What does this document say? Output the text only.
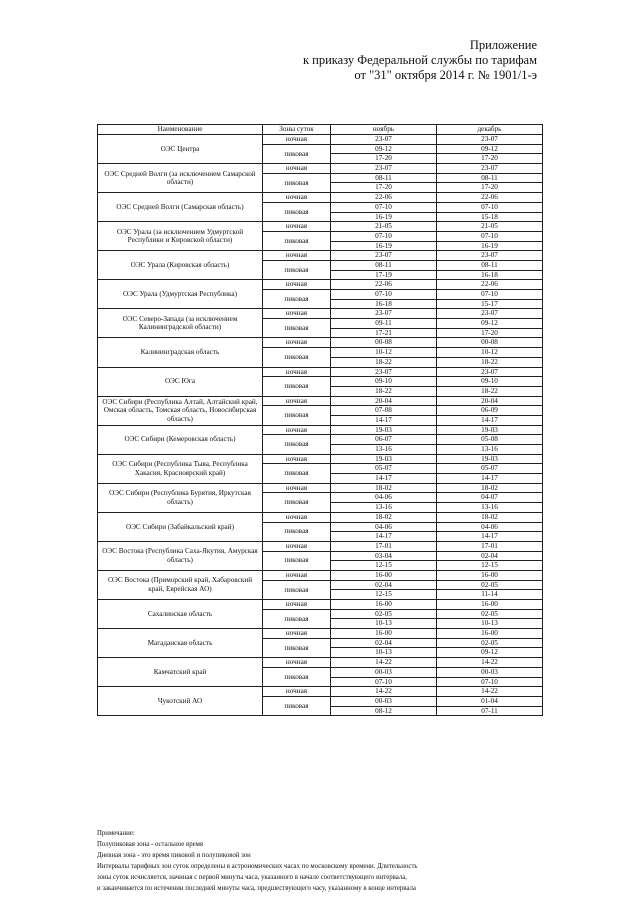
Приложение
к приказу Федеральной службы по тарифам
от "31" октября 2014 г. № 1901/1-э
Наименование	Зоны суток	ноябрь	декабрь
ОЭС Центра	ночная	23-07	23-07
	пиковая	09-12	09-12
		17-20	17-20
ОЭС Средней Волги (за исключением Самарской области)	ночная	23-07	23-07
	пиковая	08-11	08-11
		17-20	17-20
ОЭС Средней Волги (Самарская область)	ночная	22-06	22-06
	пиковая	07-10	07-10
		16-19	15-18
ОЭС Урала (за исключением Удмуртской Республики и Кировской области)	ночная	21-05	21-05
	пиковая	07-10	07-10
		16-19	16-19
ОЭС Урала (Кировская область)	ночная	23-07	23-07
	пиковая	08-11	08-11
		17-19	16-18
ОЭС Урала (Удмуртская Республика)	ночная	22-06	22-06
	пиковая	07-10	07-10
		16-18	15-17
ОЭС Северо-Запада (за исключением Калининградской области)	ночная	23-07	23-07
	пиковая	09-11	09-12
		17-21	17-20
Калининградская область	ночная	00-08	00-08
	пиковая	10-12	10-12
		18-22	18-22
ОЭС Юга	ночная	23-07	23-07
	пиковая	09-10	09-10
		18-22	18-22
ОЭС Сибири (Республика Алтай, Алтайский край, Омская область, Томская область, Новосибирская область)	ночная	20-04	20-04
	пиковая	07-08	06-09
		14-17	14-17
ОЭС Сибири (Кемеровская область)	ночная	19-03	19-03
	пиковая	06-07	05-08
		13-16	13-16
ОЭС Сибири (Республика Тыва, Республика Хакасия, Красноярский край)	ночная	19-03	19-03
	пиковая	05-07	05-07
		14-17	14-17
ОЭС Сибири (Республика Бурятия, Иркутская область)	ночная	18-02	18-02
	пиковая	04-06	04-07
		13-16	13-16
ОЭС Сибири (Забайкальский край)	ночная	18-02	18-02
	пиковая	04-06	04-06
		14-17	14-17
ОЭС Востока (Республика Саха-Якутия, Амурская область)	ночная	17-01	17-01
	пиковая	03-04	02-04
		12-15	12-15
ОЭС Востока (Приморский край, Хабаровский край, Еврейская АО)	ночная	16-00	16-00
	пиковая	02-04	02-05
		12-15	11-14
Сахалинская область	ночная	16-00	16-00
	пиковая	02-05	02-05
		10-13	10-13
Магаданская область	ночная	16-00	16-00
	пиковая	02-04	02-05
		10-13	09-12
Камчатский край	ночная	14-22	14-22
	пиковая	00-03	00-03
		07-10	07-10
Чукотский АО	ночная	14-22	14-22
	пиковая	00-03	01-04
		08-12	07-11
Примечание:
Полупиковая зона - остальное время
Дневная зона - это время пиковой и полупиковой зон
Интервалы тарифных зон суток определены в астрономических часах по московскому времени. Длительность
зоны суток исчисляется, начиная с первой минуты часа, указанного в начале соответствующего интервала,
и заканчивается по истечении последней минуты часа, предшествующего часу, указанному в конце интервала
